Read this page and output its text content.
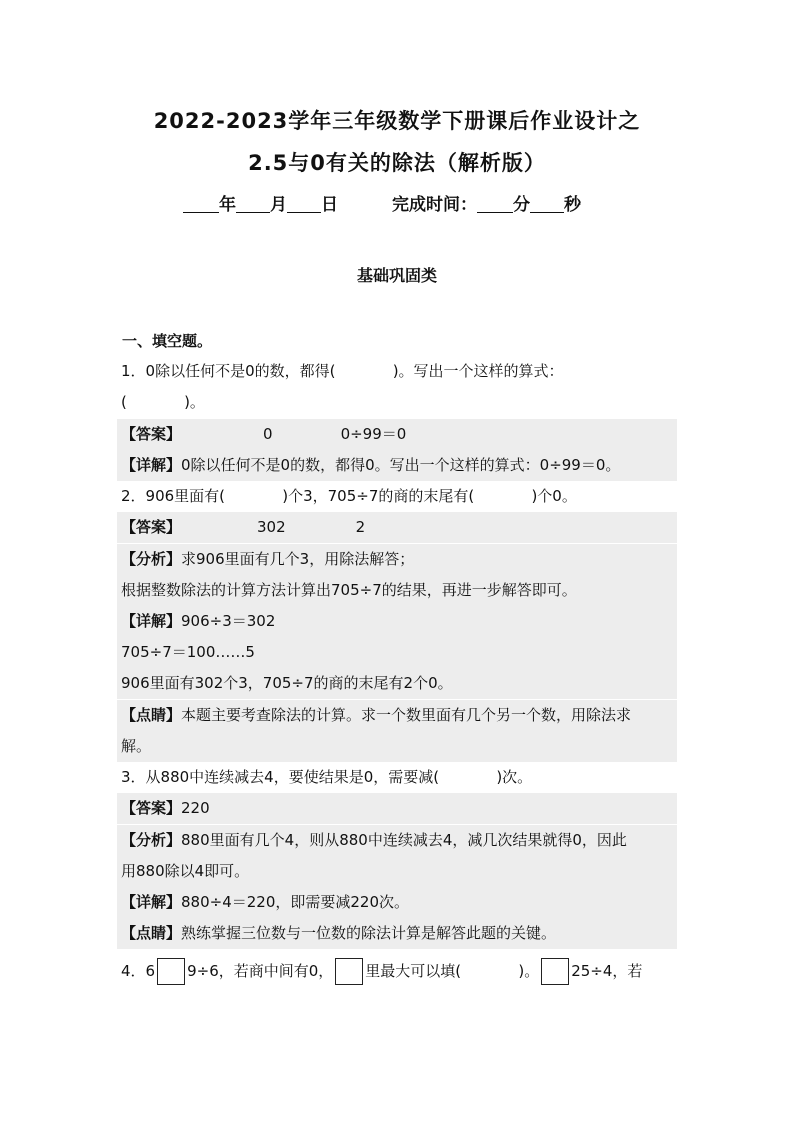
2022-2023学年三年级数学下册课后作业设计之
2.5与0有关的除法（解析版）
年 月 日	完成时间： 分 秒
基础巩固类
一、填空题。
1．0除以任何不是0的数，都得(            )。写出一个这样的算式：
(            )。
【答案】	0	0÷99＝0
【详解】0除以任何不是0的数，都得0。写出一个这样的算式：0÷99＝0。
2．906里面有(            )个3，705÷7的商的末尾有(            )个0。
【答案】	302	2
【分析】求906里面有几个3，用除法解答；
根据整数除法的计算方法计算出705÷7的结果，再进一步解答即可。
【详解】906÷3＝302
705÷7＝100……5
906里面有302个3，705÷7的商的末尾有2个0。
【点睛】本题主要考查除法的计算。求一个数里面有几个另一个数，用除法求
解。
3．从880中连续减去4，要使结果是0，需要减(            )次。
【答案】220
【分析】880里面有几个4，则从880中连续减去4，减几次结果就得0，因此
用880除以4即可。
【详解】880÷4＝220，即需要减220次。
【点睛】熟练掌握三位数与一位数的除法计算是解答此题的关键。
4．6 9÷6，若商中间有0， 里最大可以填(            )。 25÷4，若
